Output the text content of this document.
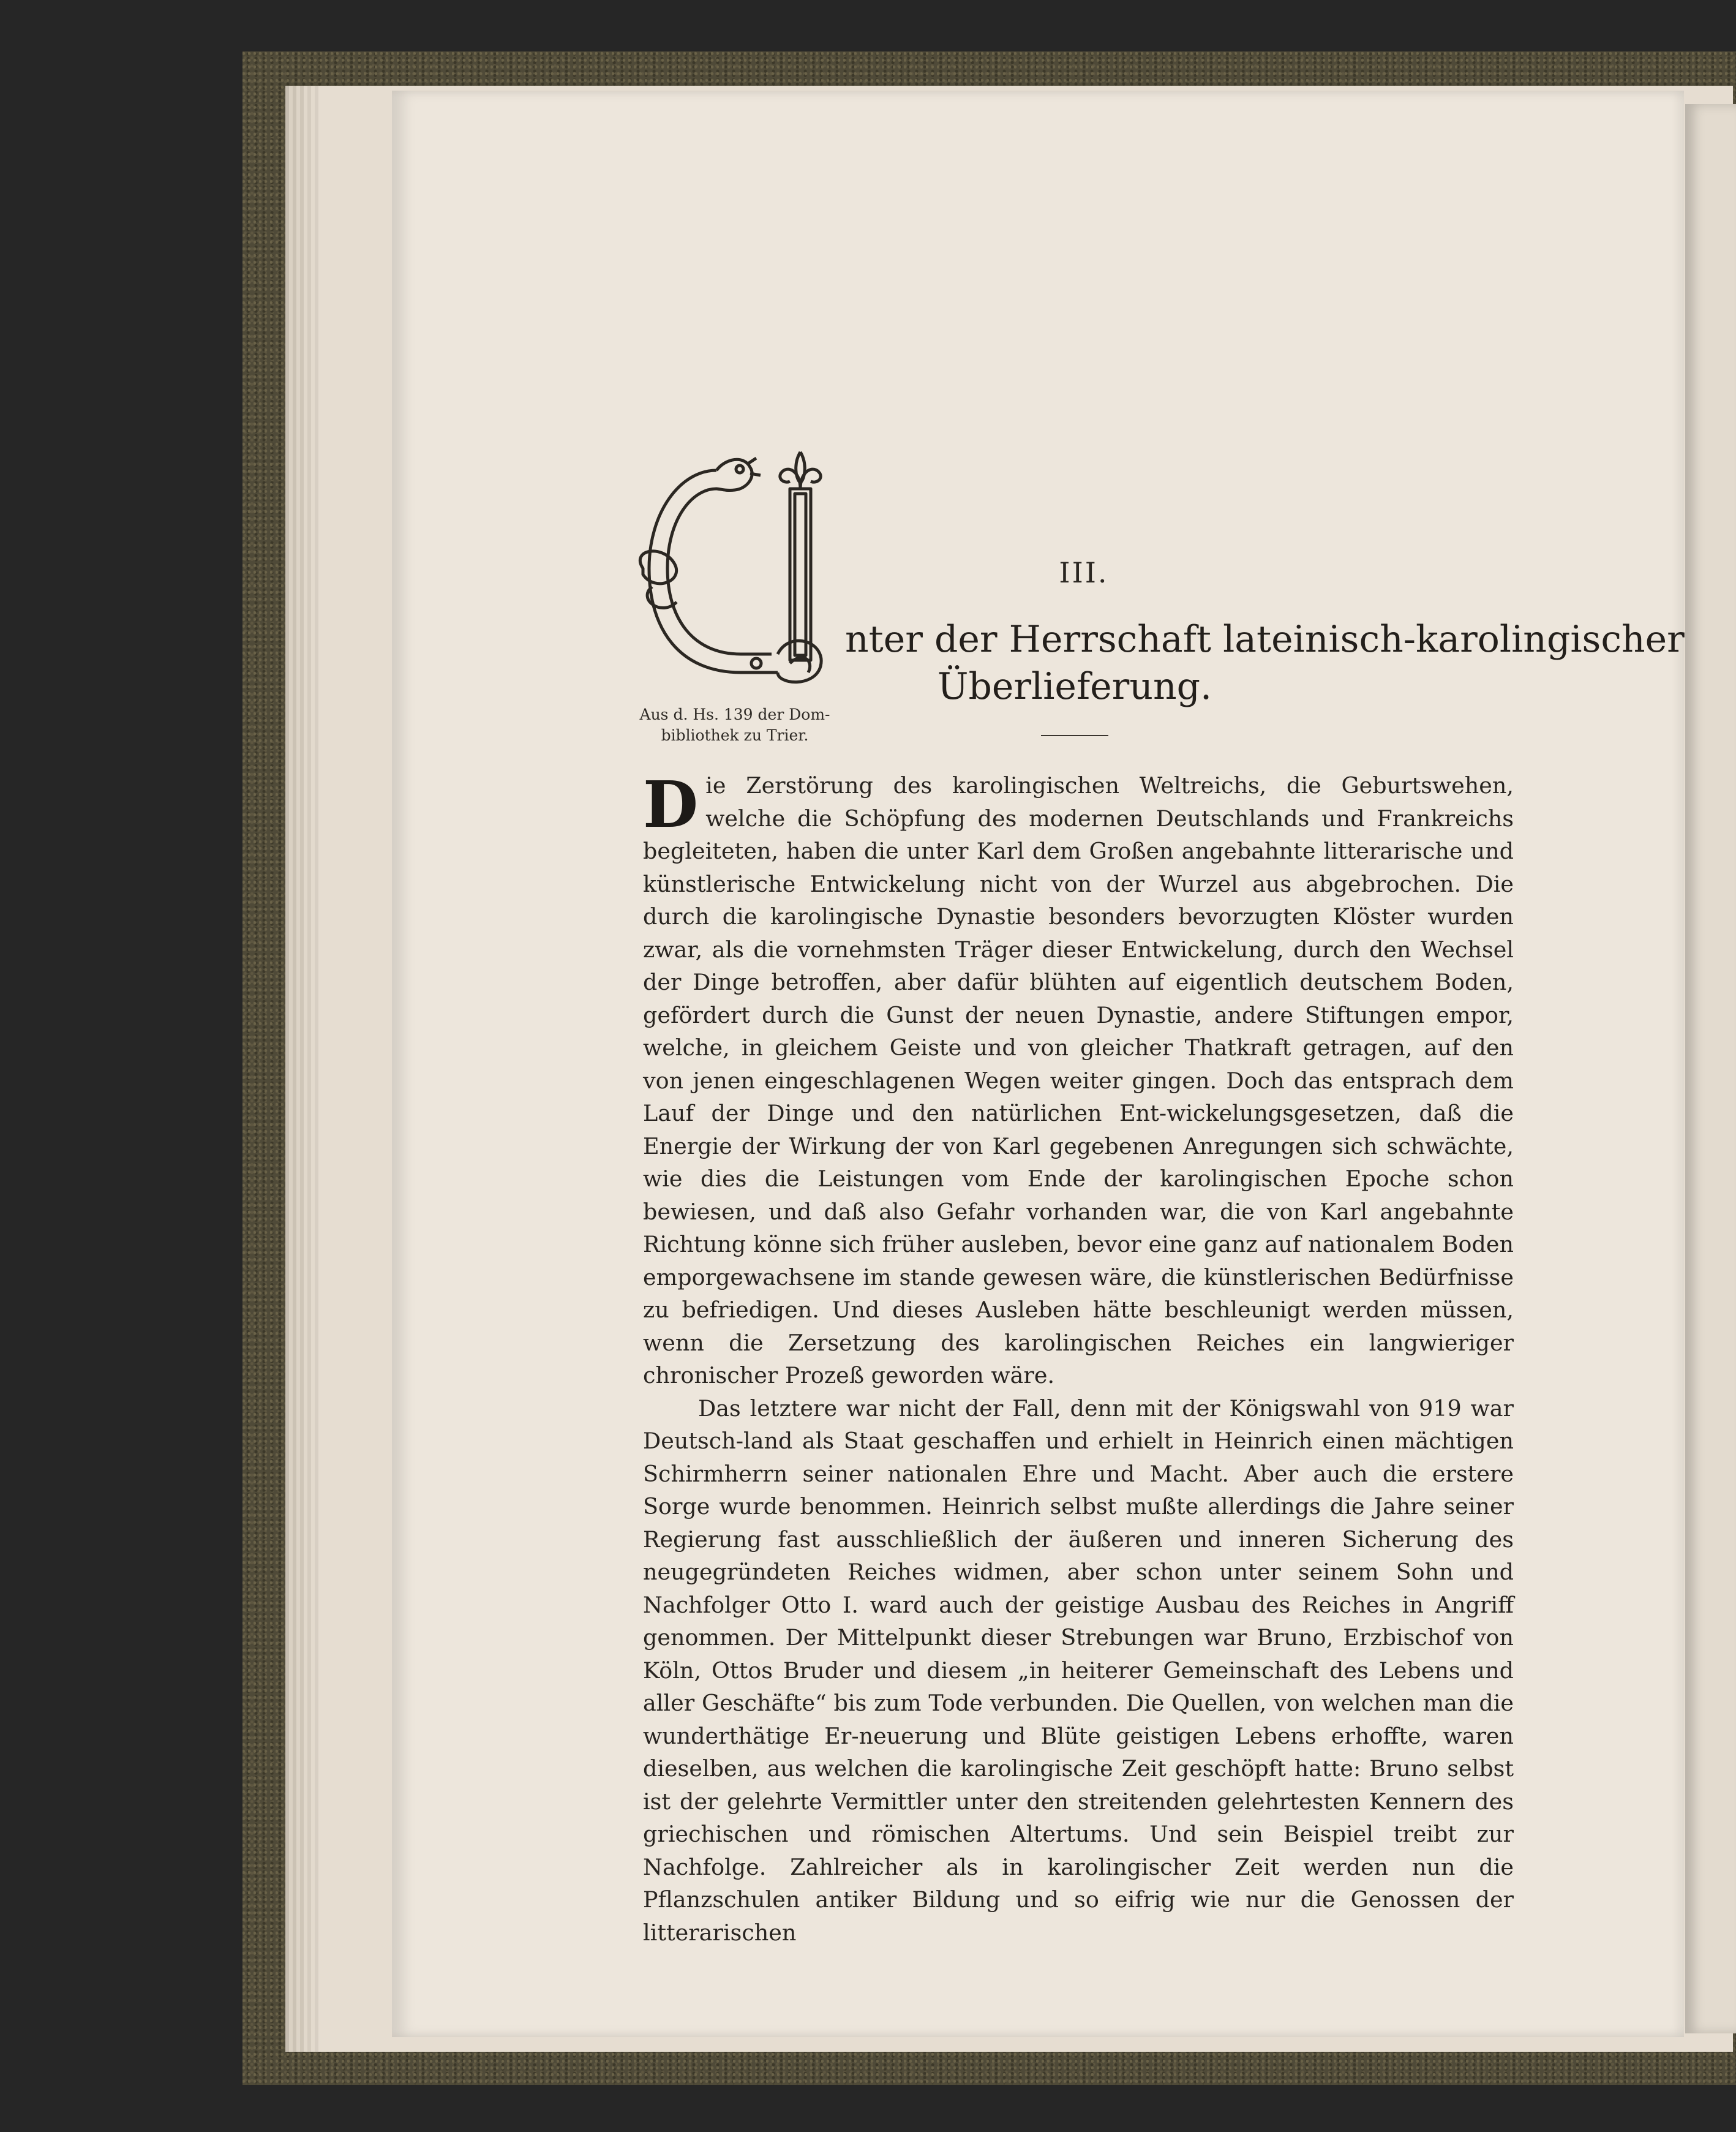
Aus d. Hs. 139 der Dom-
bibliothek zu Trier.
III.
nter der Herrschaft lateinisch-karolingischer
Überlieferung.

Die Zerstörung des karolingischen Weltreichs, die Geburtswehen, welche die Schöpfung des modernen Deutschlands und Frankreichs begleiteten, haben die unter Karl dem Großen angebahnte litterarische und künstlerische Entwickelung nicht von der Wurzel aus abgebrochen. Die durch die karolingische Dynastie besonders bevorzugten Klöster wurden zwar, als die vornehmsten Träger dieser Entwickelung, durch den Wechsel der Dinge betroffen, aber dafür blühten auf eigentlich deutschem Boden, gefördert durch die Gunst der neuen Dynastie, andere Stiftungen empor, welche, in gleichem Geiste und von gleicher Thatkraft getragen, auf den von jenen eingeschlagenen Wegen weiter gingen. Doch das entsprach dem Lauf der Dinge und den natürlichen Ent-wickelungsgesetzen, daß die Energie der Wirkung der von Karl gegebenen Anregungen sich schwächte, wie dies die Leistungen vom Ende der karolingischen Epoche schon bewiesen, und daß also Gefahr vorhanden war, die von Karl angebahnte Richtung könne sich früher ausleben, bevor eine ganz auf nationalem Boden emporgewachsene im stande gewesen wäre, die künstlerischen Bedürfnisse zu befriedigen. Und dieses Ausleben hätte beschleunigt werden müssen, wenn die Zersetzung des karolingischen Reiches ein langwieriger chronischer Prozeß geworden wäre.

Das letztere war nicht der Fall, denn mit der Königswahl von 919 war Deutsch-land als Staat geschaffen und erhielt in Heinrich einen mächtigen Schirmherrn seiner nationalen Ehre und Macht. Aber auch die erstere Sorge wurde benommen. Heinrich selbst mußte allerdings die Jahre seiner Regierung fast ausschließlich der äußeren und inneren Sicherung des neugegründeten Reiches widmen, aber schon unter seinem Sohn und Nachfolger Otto I. ward auch der geistige Ausbau des Reiches in Angriff genommen. Der Mittelpunkt dieser Strebungen war Bruno, Erzbischof von Köln, Ottos Bruder und diesem „in heiterer Gemeinschaft des Lebens und aller Geschäfte“ bis zum Tode verbunden. Die Quellen, von welchen man die wunderthätige Er-neuerung und Blüte geistigen Lebens erhoffte, waren dieselben, aus welchen die karolingische Zeit geschöpft hatte: Bruno selbst ist der gelehrte Vermittler unter den streitenden gelehrtesten Kennern des griechischen und römischen Altertums. Und sein Beispiel treibt zur Nachfolge. Zahlreicher als in karolingischer Zeit werden nun die Pflanzschulen antiker Bildung und so eifrig wie nur die Genossen der litterarischen
